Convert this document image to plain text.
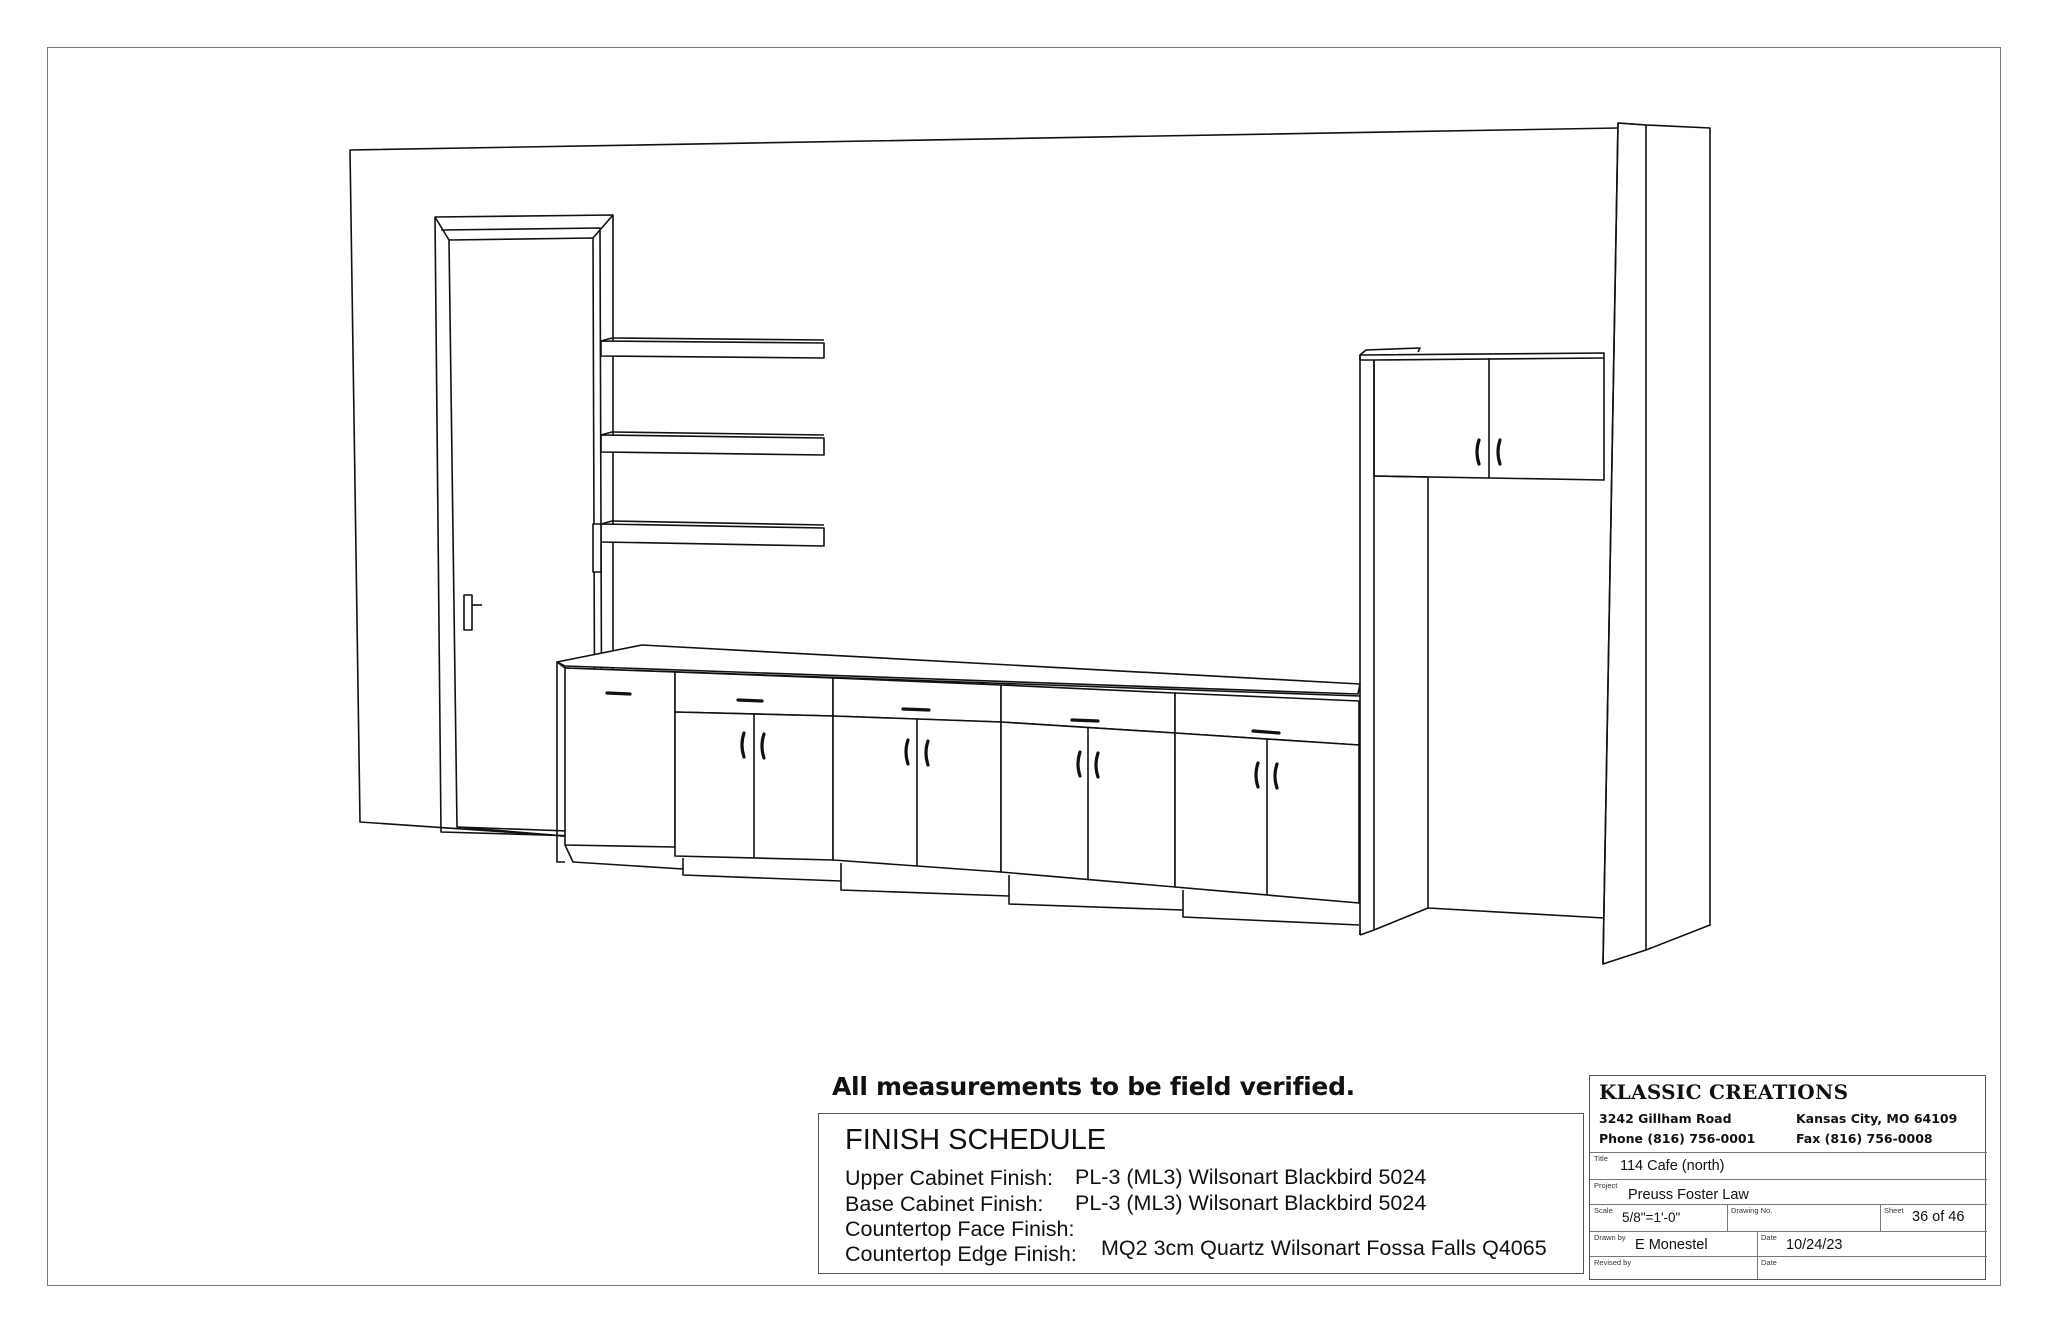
All measurements to be field verified.
FINISH SCHEDULE
Upper Cabinet Finish: PL-3 (ML3) Wilsonart Blackbird 5024
Base Cabinet Finish: PL-3 (ML3) Wilsonart Blackbird 5024
Countertop Face Finish:
Countertop Edge Finish: MQ2 3cm Quartz Wilsonart Fossa Falls Q4065
KLASSIC CREATIONS
3242 Gillham Road	Kansas City, MO 64109
Phone (816) 756-0001	Fax (816) 756-0008
Title 114 Cafe (north)
Project
Preuss Foster Law
Scale 5/8"=1'-0"	Drawing No.	Sheet 36 of 46
Drawn by E Monestel	Date 10/24/23
Revised by	Date
